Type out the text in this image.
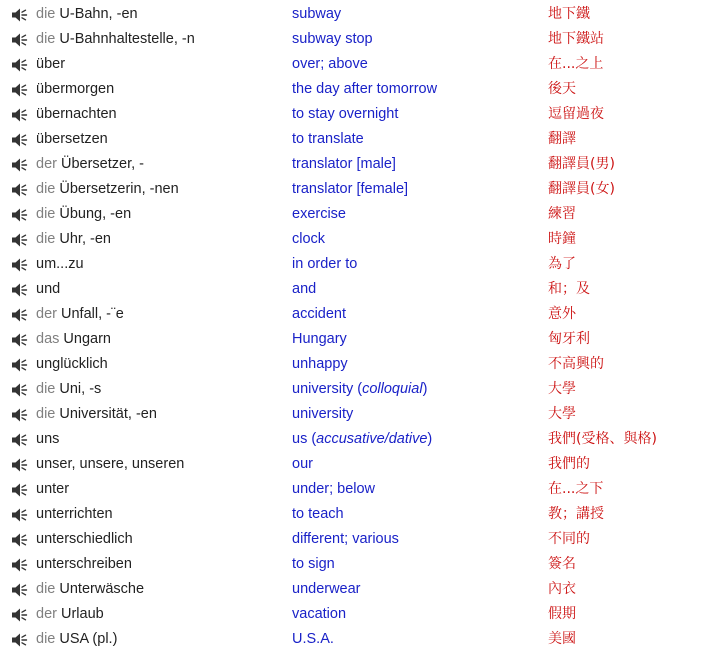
die U-Bahn, -en	subway	地下鐵
die U-Bahnhaltestelle, -n	subway stop	地下鐵站
über	over; above	在...之上
übermorgen	the day after tomorrow	後天
übernachten	to stay overnight	逗留過夜
übersetzen	to translate	翻譯
der Übersetzer, -	translator [male]	翻譯員(男)
die Übersetzerin, -nen	translator [female]	翻譯員(女)
die Übung, -en	exercise	練習
die Uhr, -en	clock	時鐘
um...zu	in order to	為了
und	and	和；及
der Unfall, -¨e	accident	意外
das Ungarn	Hungary	匈牙利
unglücklich	unhappy	不高興的
die Uni, -s	university (colloquial)	大學
die Universität, -en	university	大學
uns	us (accusative/dative)	我們(受格、與格)
unser, unsere, unseren	our	我們的
unter	under; below	在...之下
unterrichten	to teach	教；講授
unterschiedlich	different; various	不同的
unterschreiben	to sign	簽名
die Unterwäsche	underwear	內衣
der Urlaub	vacation	假期
die USA (pl.)	U.S.A.	美國
